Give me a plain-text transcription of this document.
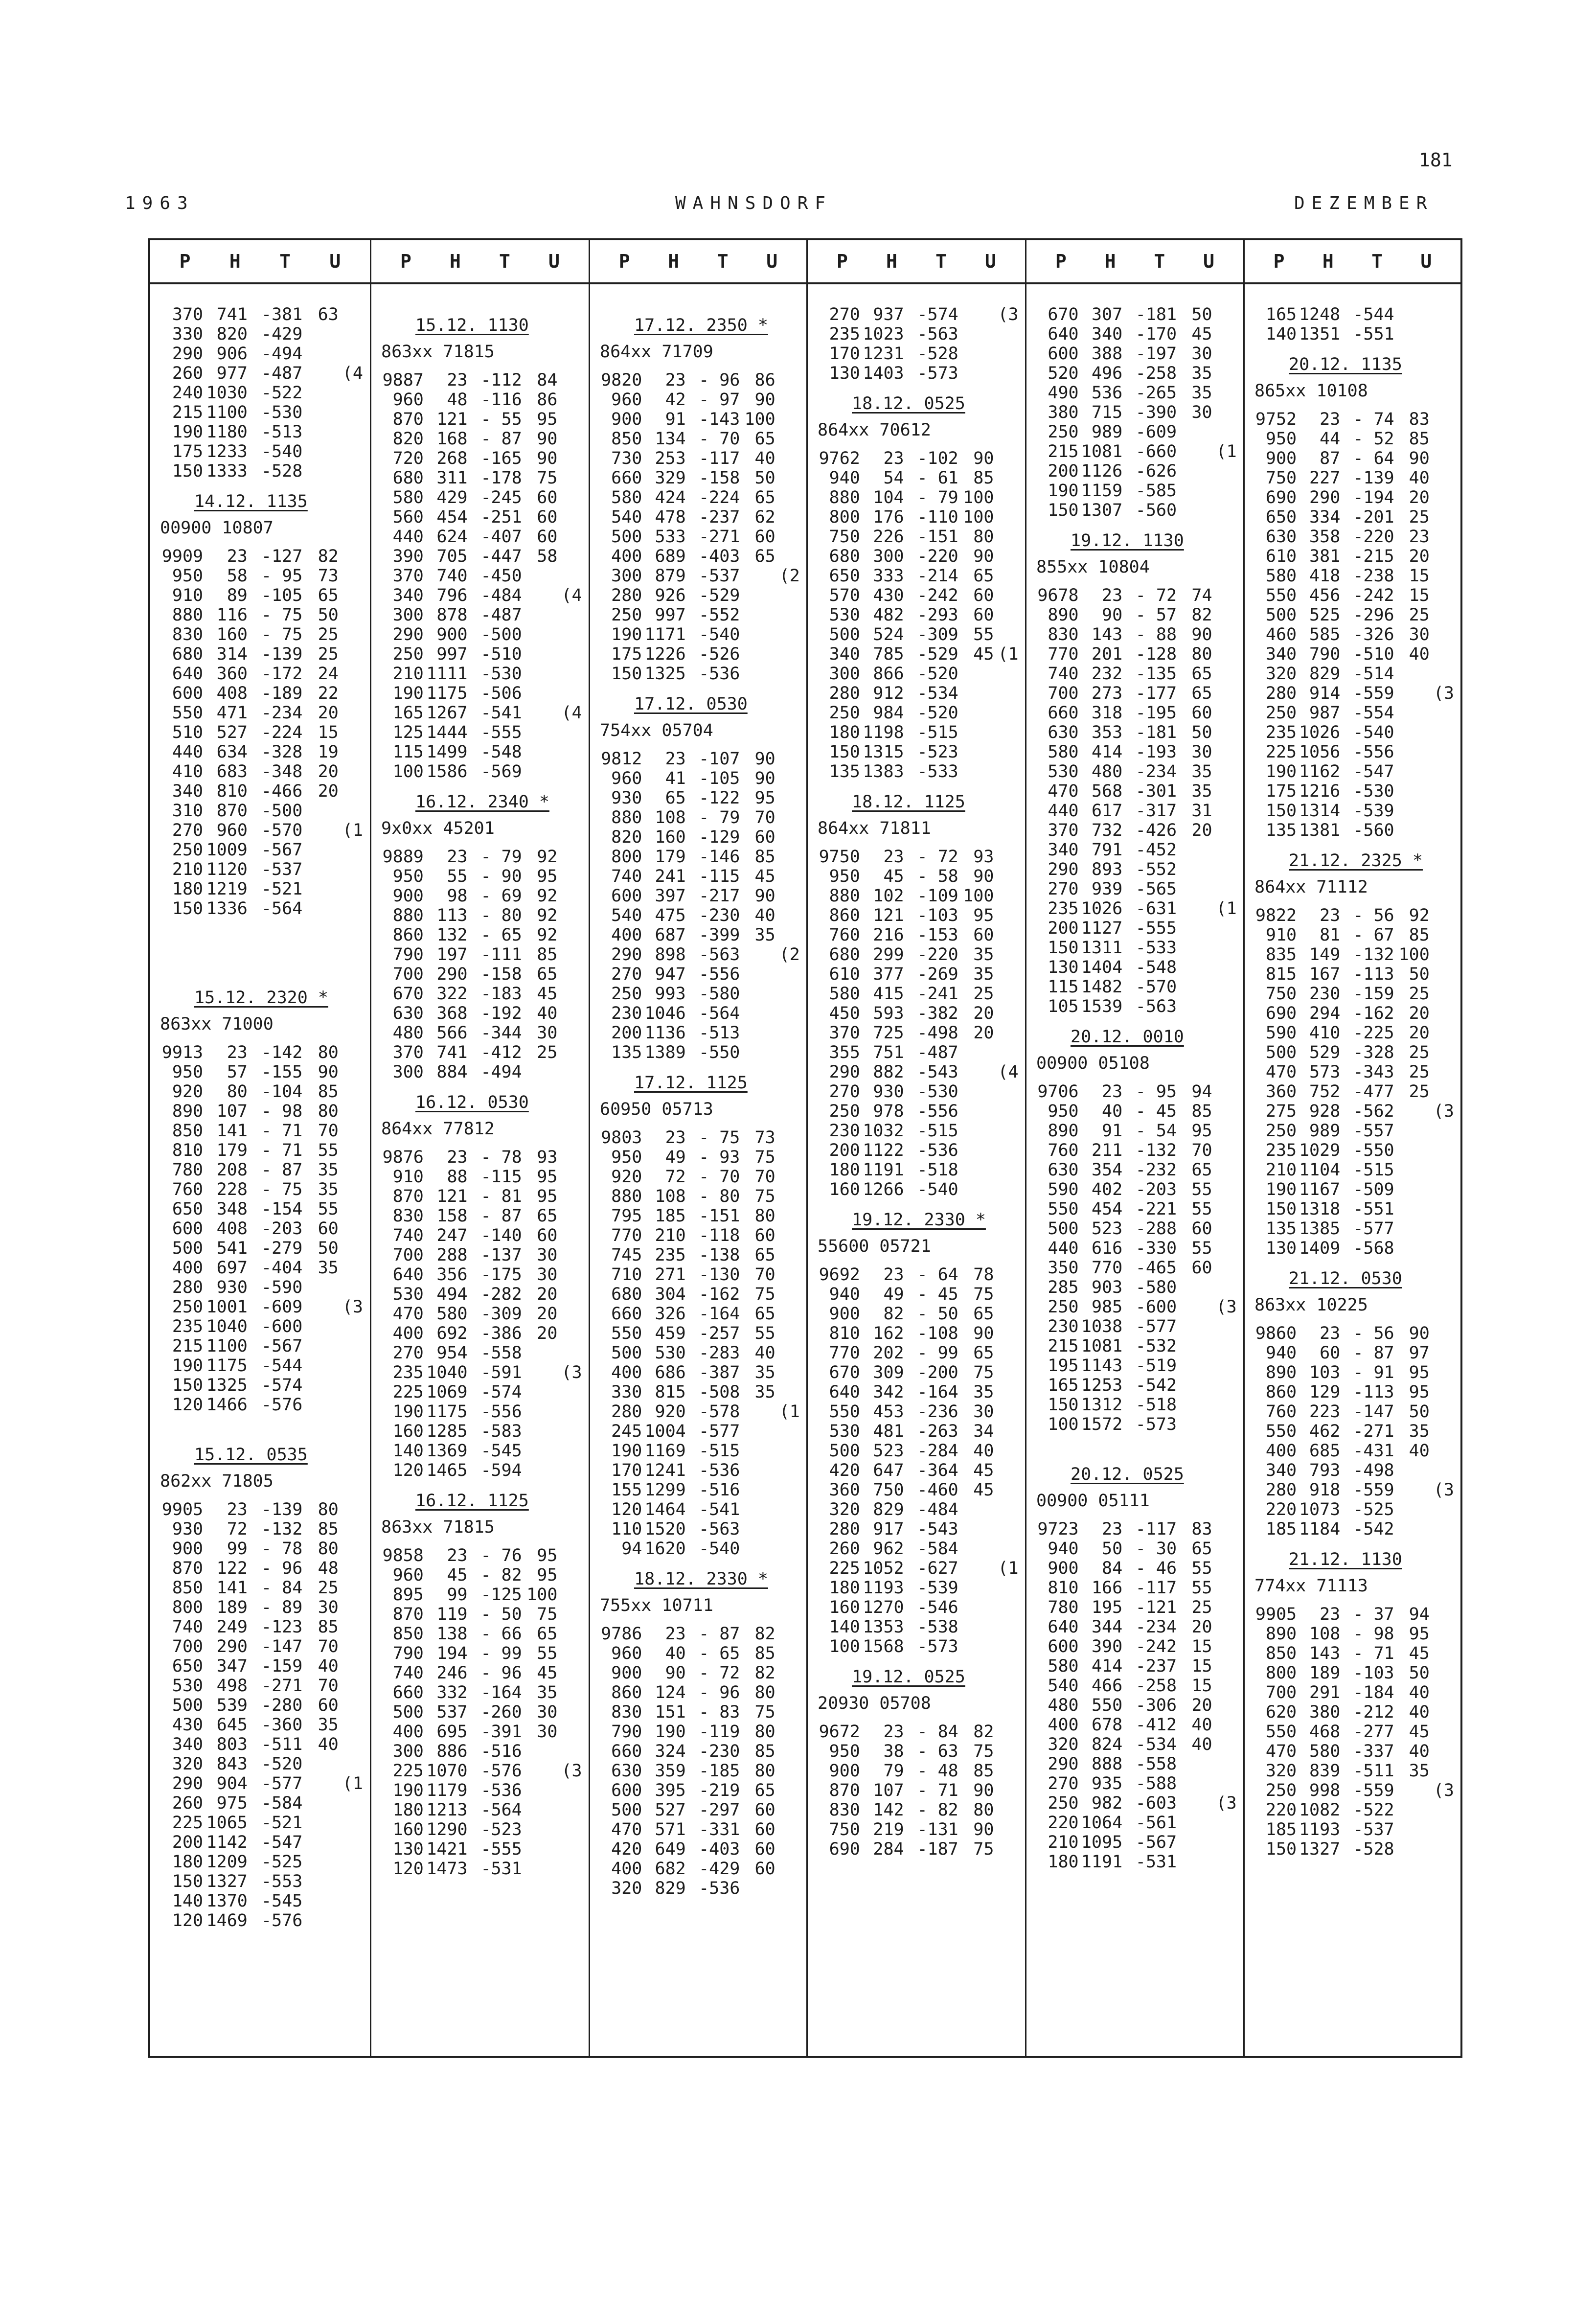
181
1963	WAHNSDORF	DEZEMBER
P H T U
370 741 -381 63
330 820 -429
290 906 -494
260 977 -487 (4
240 1030 -522
215 1100 -530
190 1180 -513
175 1233 -540
150 1333 -528
14.12. 1135
00900 10807
9909	23 -127 82
950	58 - 95 73
910	89 -105 65
880 116 - 75 50
830 160 - 75 25
680 314 -139 25
640 360 -172 24
600 408 -189 22
550 471 -234 20
510 527 -224 15
440 634 -328 19
410 683 -348 20
340 810 -466 20
310 870 -500
270 960 -570 (1
250 1009 -567
210 1120 -537
180 1219 -521
150 1336 -564
15.12. 2320 *
863xx 71000
9913	23 -142 80
950	57 -155 90
920	80 -104 85
890 107 - 98 80
850 141 - 71 70
810 179 - 71 55
780 208 - 87 35
760 228 - 75 35
650 348 -154 55
600 408 -203 60
500 541 -279 50
400 697 -404 35
280 930 -590
250 1001 -609 (3
235 1040 -600
215 1100 -567
190 1175 -544
150 1325 -574
120 1466 -576
15.12. 0535
862xx 71805
9905	23 -139 80
930	72 -132 85
900	99 - 78 80
870 122 - 96 48
850 141 - 84 25
800 189 - 89 30
740 249 -123 85
700 290 -147 70
650 347 -159 40
530 498 -271 70
500 539 -280 60
430 645 -360 35
340 803 -511 40
320 843 -520
290 904 -577 (1
260 975 -584
225 1065 -521
200 1142 -547
180 1209 -525
150 1327 -553
140 1370 -545
120 1469 -576
P H T U
15.12. 1130
863xx 71815
9887	23 -112 84
960	48 -116 86
870 121 - 55 95
820 168 - 87 90
720 268 -165 90
680 311 -178 75
580 429 -245 60
560 454 -251 60
440 624 -407 60
390 705 -447 58
370 740 -450
340 796 -484 (4
300 878 -487
290 900 -500
250 997 -510
210 1111 -530
190 1175 -506
165 1267 -541 (4
125 1444 -555
115 1499 -548
100 1586 -569
16.12. 2340 *
9x0xx 45201
9889	23 - 79 92
950	55 - 90 95
900	98 - 69 92
880 113 - 80 92
860 132 - 65 92
790 197 -111 85
700 290 -158 65
670 322 -183 45
630 368 -192 40
480 566 -344 30
370 741 -412 25
300 884 -494
16.12. 0530
864xx 77812
9876	23 - 78 93
910	88 -115 95
870 121 - 81 95
830 158 - 87 65
740 247 -140 60
700 288 -137 30
640 356 -175 30
530 494 -282 20
470 580 -309 20
400 692 -386 20
270 954 -558
235 1040 -591 (3
225 1069 -574
190 1175 -556
160 1285 -583
140 1369 -545
120 1465 -594
16.12. 1125
863xx 71815
9858	23 - 76 95
960	45 - 82 95
895	99 -125 100
870 119 - 50 75
850 138 - 66 65
790 194 - 99 55
740 246 - 96 45
660 332 -164 35
500 537 -260 30
400 695 -391 30
300 886 -516
225 1070 -576 (3
190 1179 -536
180 1213 -564
160 1290 -523
130 1421 -555
120 1473 -531
P H T U
17.12. 2350 *
864xx 71709
9820	23 - 96 86
960	42 - 97 90
900	91 -143 100
850 134 - 70 65
730 253 -117 40
660 329 -158 50
580 424 -224 65
540 478 -237 62
500 533 -271 60
400 689 -403 65
300 879 -537 (2
280 926 -529
250 997 -552
190 1171 -540
175 1226 -526
150 1325 -536
17.12. 0530
754xx 05704
9812	23 -107 90
960	41 -105 90
930	65 -122 95
880 108 - 79 70
820 160 -129 60
800 179 -146 85
740 241 -115 45
600 397 -217 90
540 475 -230 40
400 687 -399 35
290 898 -563 (2
270 947 -556
250 993 -580
230 1046 -564
200 1136 -513
135 1389 -550
17.12. 1125
60950 05713
9803	23 - 75 73
950	49 - 93 75
920	72 - 70 70
880 108 - 80 75
795 185 -151 80
770 210 -118 60
745 235 -138 65
710 271 -130 70
680 304 -162 75
660 326 -164 65
550 459 -257 55
500 530 -283 40
400 686 -387 35
330 815 -508 35
280 920 -578 (1
245 1004 -577
190 1169 -515
170 1241 -536
155 1299 -516
120 1464 -541
110 1520 -563
94 1620 -540
18.12. 2330 *
755xx 10711
9786	23 - 87 82
960	40 - 65 85
900	90 - 72 82
860 124 - 96 80
830 151 - 83 75
790 190 -119 80
660 324 -230 85
630 359 -185 80
600 395 -219 65
500 527 -297 60
470 571 -331 60
420 649 -403 60
400 682 -429 60
320 829 -536
P H T U
270 937 -574 (3
235 1023 -563
170 1231 -528
130 1403 -573
18.12. 0525
864xx 70612
9762	23 -102 90
940	54 - 61 85
880 104 - 79 100
800 176 -110 100
750 226 -151 80
680 300 -220 90
650 333 -214 65
570 430 -242 60
530 482 -293 60
500 524 -309 55
340 785 -529 45 (1
300 866 -520
280 912 -534
250 984 -520
180 1198 -515
150 1315 -523
135 1383 -533
18.12. 1125
864xx 71811
9750	23 - 72 93
950	45 - 58 90
880 102 -109 100
860 121 -103 95
760 216 -153 60
680 299 -220 35
610 377 -269 35
580 415 -241 25
450 593 -382 20
370 725 -498 20
355 751 -487
290 882 -543 (4
270 930 -530
250 978 -556
230 1032 -515
200 1122 -536
180 1191 -518
160 1266 -540
19.12. 2330 *
55600 05721
9692	23 - 64 78
940	49 - 45 75
900	82 - 50 65
810 162 -108 90
770 202 - 99 65
670 309 -200 75
640 342 -164 35
550 453 -236 30
530 481 -263 34
500 523 -284 40
420 647 -364 45
360 750 -460 45
320 829 -484
280 917 -543
260 962 -584
225 1052 -627 (1
180 1193 -539
160 1270 -546
140 1353 -538
100 1568 -573
19.12. 0525
20930 05708
9672	23 - 84 82
950	38 - 63 75
900	79 - 48 85
870 107 - 71 90
830 142 - 82 80
750 219 -131 90
690 284 -187 75
P H T U
670 307 -181 50
640 340 -170 45
600 388 -197 30
520 496 -258 35
490 536 -265 35
380 715 -390 30
250 989 -609
215 1081 -660 (1
200 1126 -626
190 1159 -585
150 1307 -560
19.12. 1130
855xx 10804
9678	23 - 72 74
890	90 - 57 82
830 143 - 88 90
770 201 -128 80
740 232 -135 65
700 273 -177 65
660 318 -195 60
630 353 -181 50
580 414 -193 30
530 480 -234 35
470 568 -301 35
440 617 -317 31
370 732 -426 20
340 791 -452
290 893 -552
270 939 -565
235 1026 -631 (1
200 1127 -555
150 1311 -533
130 1404 -548
115 1482 -570
105 1539 -563
20.12. 0010
00900 05108
9706	23 - 95 94
950	40 - 45 85
890	91 - 54 95
760 211 -132 70
630 354 -232 65
590 402 -203 55
550 454 -221 55
500 523 -288 60
440 616 -330 55
350 770 -465 60
285 903 -580
250 985 -600 (3
230 1038 -577
215 1081 -532
195 1143 -519
165 1253 -542
150 1312 -518
100 1572 -573
20.12. 0525
00900 05111
9723	23 -117 83
940	50 - 30 65
900	84 - 46 55
810 166 -117 55
780 195 -121 25
640 344 -234 20
600 390 -242 15
580 414 -237 15
540 466 -258 15
480 550 -306 20
400 678 -412 40
320 824 -534 40
290 888 -558
270 935 -588
250 982 -603 (3
220 1064 -561
210 1095 -567
180 1191 -531
P H T U
165 1248 -544
140 1351 -551
20.12. 1135
865xx 10108
9752	23 - 74 83
950	44 - 52 85
900	87 - 64 90
750 227 -139 40
690 290 -194 20
650 334 -201 25
630 358 -220 23
610 381 -215 20
580 418 -238 15
550 456 -242 15
500 525 -296 25
460 585 -326 30
340 790 -510 40
320 829 -514
280 914 -559 (3
250 987 -554
235 1026 -540
225 1056 -556
190 1162 -547
175 1216 -530
150 1314 -539
135 1381 -560
21.12. 2325 *
864xx 71112
9822	23 - 56 92
910	81 - 67 85
835 149 -132 100
815 167 -113 50
750 230 -159 25
690 294 -162 20
590 410 -225 20
500 529 -328 25
470 573 -343 25
360 752 -477 25
275 928 -562 (3
250 989 -557
235 1029 -550
210 1104 -515
190 1167 -509
150 1318 -551
135 1385 -577
130 1409 -568
21.12. 0530
863xx 10225
9860	23 - 56 90
940	60 - 87 97
890 103 - 91 95
860 129 -113 95
760 223 -147 50
550 462 -271 35
400 685 -431 40
340 793 -498
280 918 -559 (3
220 1073 -525
185 1184 -542
21.12. 1130
774xx 71113
9905	23 - 37 94
890 108 - 98 95
850 143 - 71 45
800 189 -103 50
700 291 -184 40
620 380 -212 40
550 468 -277 45
470 580 -337 40
320 839 -511 35
250 998 -559 (3
220 1082 -522
185 1193 -537
150 1327 -528
